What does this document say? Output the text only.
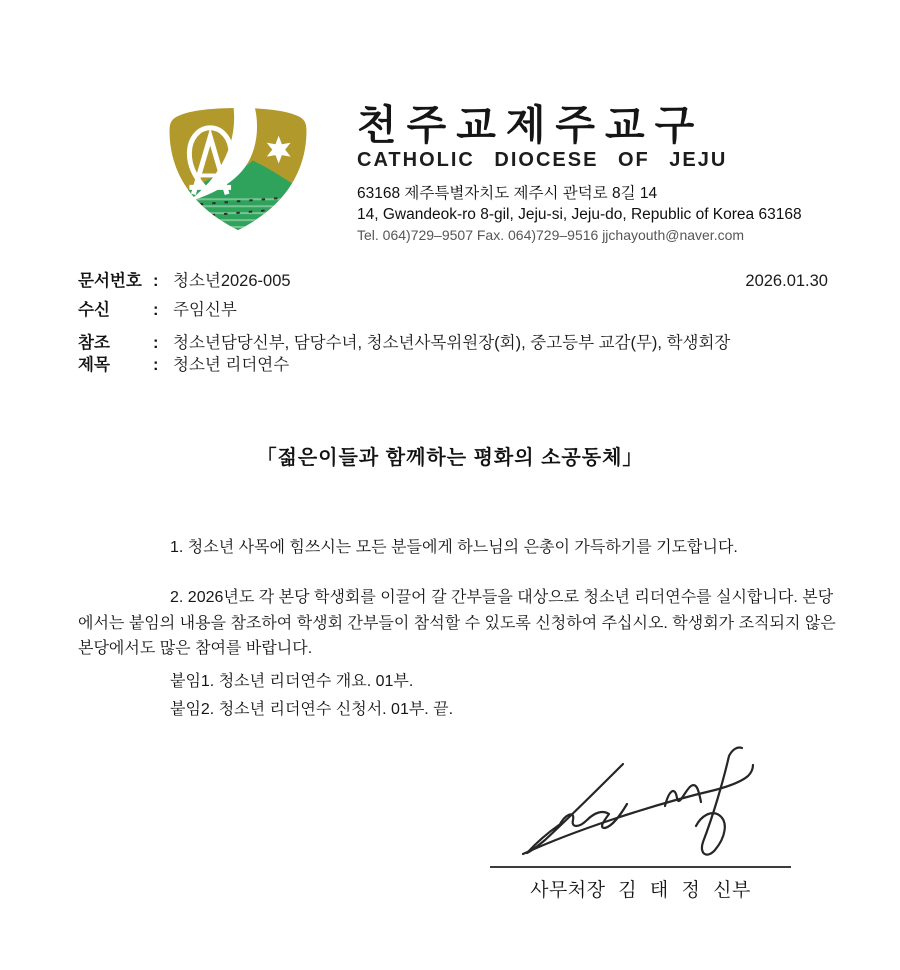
천주교제주교구
CATHOLIC DIOCESE OF JEJU
63168 제주특별자치도 제주시 관덕로 8길 14
14, Gwandeok-ro 8-gil, Jeju-si, Jeju-do, Republic of Korea 63168
Tel. 064)729–9507 Fax. 064)729–9516 jjchayouth@naver.com
문서번호 : 청소년2026-005	2026.01.30
수신	: 주임신부
참조	: 청소년담당신부, 담당수녀, 청소년사목위원장(회), 중고등부 교감(무), 학생회장
제목	: 청소년 리더연수
「젊은이들과 함께하는 평화의 소공동체」

1. 청소년 사목에 힘쓰시는 모든 분들에게 하느님의 은총이 가득하기를 기도합니다.

2. 2026년도 각 본당 학생회를 이끌어 갈 간부들을 대상으로 청소년 리더연수를 실시합니다. 본당에서는 붙임의 내용을 참조하여 학생회 간부들이 참석할 수 있도록 신청하여 주십시오. 학생회가 조직되지 않은 본당에서도 많은 참여를 바랍니다.

붙임1. 청소년 리더연수 개요. 01부.
붙임2. 청소년 리더연수 신청서. 01부. 끝.
사무처장 김 태 정 신부
